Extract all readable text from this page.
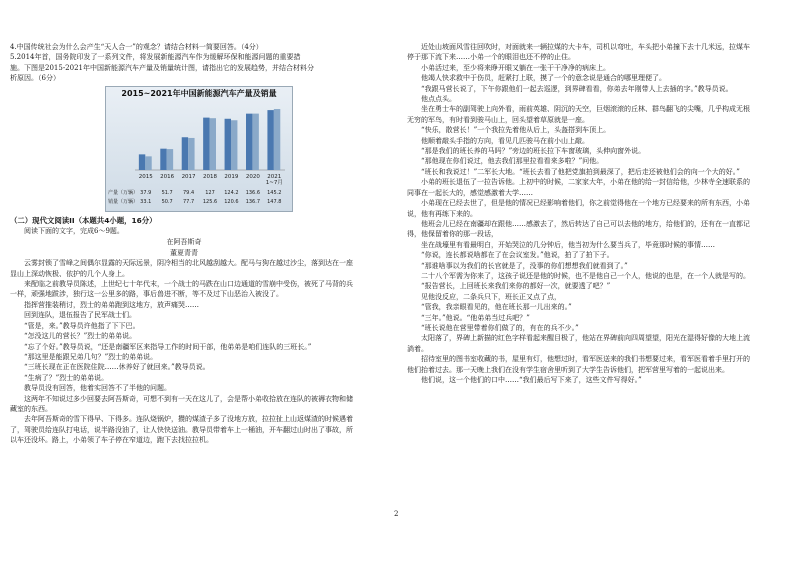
4.中国传统社会为什么会产生“天人合一”的观念？请结合材料一简要回答。（4分）

5.2014年首，国务院印发了一系列文件，将发展新能源汽车作为缓解环保和能源问题的重要措

施。下图是2015-2021年中国新能源汽车产量及销量统计图，请指出它的发展趋势，并结合材料分

析原因。（6分）

2015~2021年中国新能源汽车产量及销量
2015 2016 2017 2018 2019 2020 2021
1~7月
产量（万辆） 37.9 51.7 79.4 127 124.2 136.6 145.2
销量（万辆） 33.1 50.7 77.7 125.6 120.6 136.7 147.8

（二）现代文阅读II（本题共4小题，16分）

阅读下面的文字，完成6～9题。

在阿吾斯奇

董夏青青

云雾封锁了雪峰之间偶尔显露的天际远景，阴冷相当的北风越刮越大。配马与狗在越过沙尘，落到达在一座显山上深动恢极、依护的几个人身上。

来配临之前教导员陈述，上世纪七十年代末，一个战士的马跌在山口边通道的雪崩中受伤，被死了马背的兵一样，顽强地跋涉，独行这一公里多的路，事后兽进不断，等不及过下山恶治入被没了。

指挥营推装稍讨，烈士的弟弟跑到这地方，放声痛哭……

回到连队，退伍报告了民军战士们。

“管是，来。”教导员许他指了下下巴。

“怎没这儿的营长？”烈士的弟弟说。

“忘了个好。”教导员说，“还是南疆军区来指导工作的时间干部，他弟弟是咱们连队的三班长。”

“那这里是能跟兄弟几句？”烈士的弟弟说。

“三班长现在正在医院住院……休养好了就回来。”教导员说。

“生病了？”烈士的弟弟说。

教导员没有回答，他着实回答不了半他的问题。

这两年不知说过多少回要去阿吾斯奇，可想不到有一天在这儿了，会是帮小弟收拾放在连队的被褥衣物和储藏室的东西。

去年阿吾斯奇的雪下得早、下得多。连队烧锅炉，攒的煤渣子多了没地方放，拉拉扯上山返煤渣的时候遇着了，驾驶员给连队打电话，说半路没油了，让人快快送油。教导员带着车上一桶油，开车翻过山时出了事故，所以车还没坏。路上，小弟领了车子停在窄道边，跑下去找拉拉机。

近处山坡面风雪往回吹时，对面就来一辆拉煤的大卡车，司机以弯吐，车头把小弟撞下去十几米远，拉煤车停于那下流下来……小弟一个的眼泪也还不停的止住。

小弟活过来，至少将来睁开眼又躺在一张干干净净的病床上。

他竭人快求救中于伤员，赶紧打上联，摸了一个的意念说是通合的哪里理便了。

“我跟马营长说了，下午你跟他们一起去巡逻，到界碑看看，你弟去年刚带人上去插的字。”教导员说。

他点点头。

坐在勇士车的副驾驶上向外看，雨前英雄、阴沉的天空，巨烟滚滚的丘林、群鸟翻飞的尖嘴，几乎构成无根无穷的军鸟，有时看到骏马山上，回头望着草原就是一座。

“快乐，散营长！”一个我拉先着他从后上，头盔搭到车顶上。

他顺着敲头手指的方向，看见几匹骏马在前小山上敲。

“那是我们的班长养的马吗？”旁边的班长拉下车窗玻璃，头伸向窗外说。

“那他现在你们说过，他去我们那里拉看看来多啦？”问他。

“班长和我说过！”二军长大地。“班长去看了他把党旗拍到最深了，把后走还被他们会的向一个大的好。”

小弟的班长退伍了一拉告诉他。上初中的时候，二家家大年，小弟在他的给一封信给他，少林寺全速联系的同事在一起长大的，感觉感激着大学……

小弟现在已经去世了，但是他的情况已经影响着他们，你之前觉得他在一个地方已经要来的所有东西，小弟说，他有再练下来的。

他班会儿已经在南疆却在跟他……感激去了，然后转达了自己可以去他的地方，给他们的，还有在一直都记得，他保留着你的那一段话，

坐在战壕里有看最明白，开始哭泣的几分钟后，他当初为什么要当兵了，毕竟那时候的事情……

“你说，连长都说啥都在了在会议室发。”他说，拍了了拍下子。

“那谁啥事以为我们的长官就是了，没事的你们想想我们就看到了。”

二十八个军需为你来了，这孩子说还是他的时候，也不是他自己一个人，他说的也是，在一个人就是写的。

“报告营长，上回班长来我们来你的都好一次，就要透了吧？”

见他没反应，二条兵只下，班长正又点了点，

“管我，我亲眼看见的，他在班长那一儿出来的。”

“三年。”他说。“他弟弟当过兵吧？”

“班长说他在营里带着你们做了的，有在的兵不少。”

太阳落了，界碑上新描的红色字样看起来醒目极了，他站在界碑前向四周望望，阳光在湿得好像的大地上流淌着。

招待室里的图书室收藏的书，屋里有灯，他想过时，看军医送来的我们书想要过来，看军医看着手里打开的他们抬着过去。那一天晚上我们在没有学生宿舍里听到了大学生告诉他们，把军营里写着的一起说出来。

他们说，这一个他们的口中……“我们最后写下来了，这些文件写得好。”

2
